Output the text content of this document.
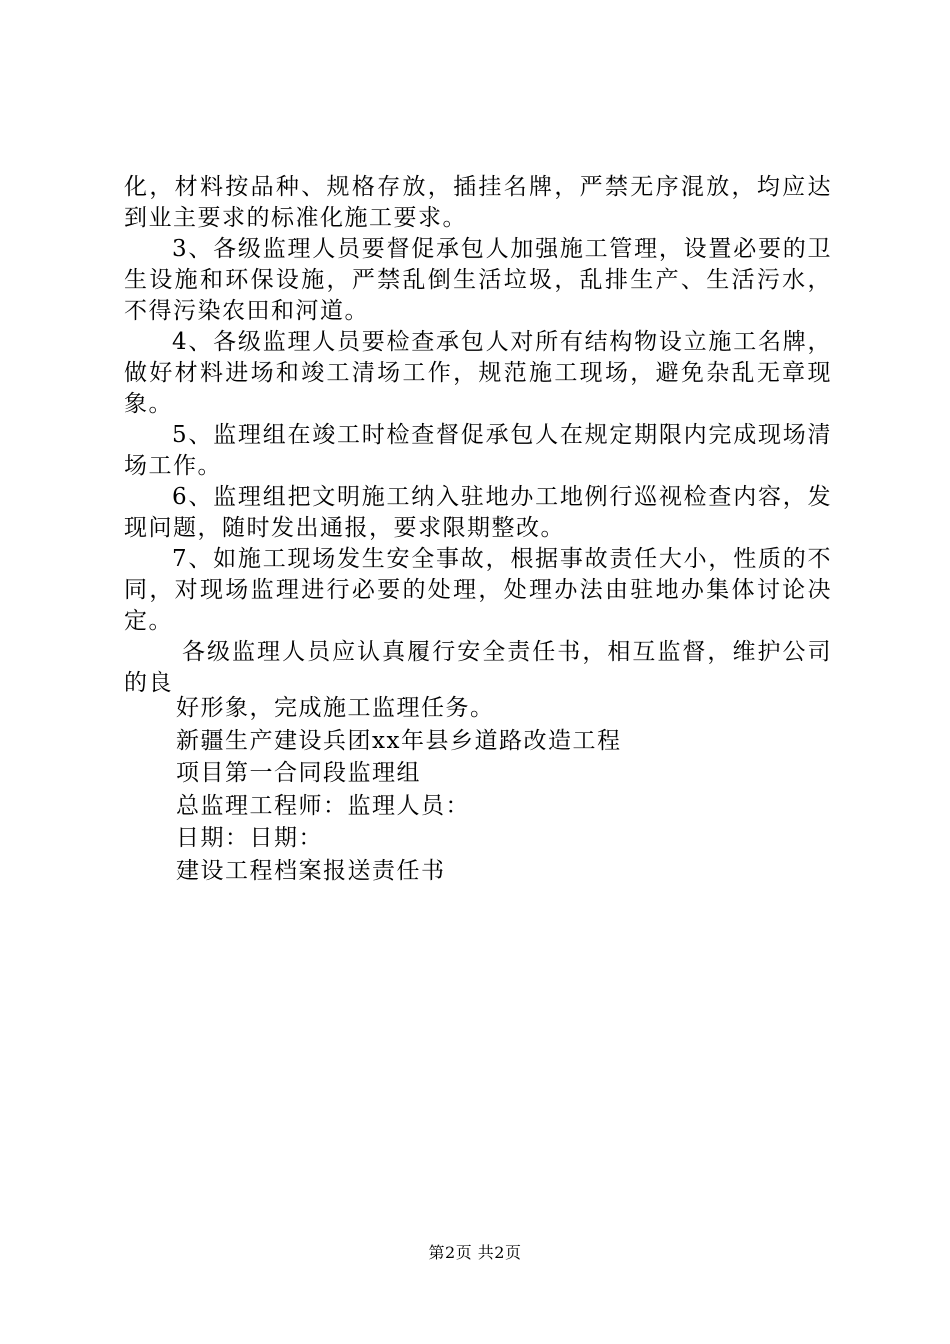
化，材料按品种、规格存放，插挂名牌，严禁无序混放，均应达到业主要求的标准化施工要求。

3、各级监理人员要督促承包人加强施工管理，设置必要的卫生设施和环保设施，严禁乱倒生活垃圾，乱排生产、生活污水，不得污染农田和河道。

4、各级监理人员要检查承包人对所有结构物设立施工名牌，做好材料进场和竣工清场工作，规范施工现场，避免杂乱无章现象。

5、监理组在竣工时检查督促承包人在规定期限内完成现场清场工作。

6、监理组把文明施工纳入驻地办工地例行巡视检查内容，发现问题，随时发出通报，要求限期整改。

7、如施工现场发生安全事故，根据事故责任大小，性质的不同，对现场监理进行必要的处理，处理办法由驻地办集体讨论决定。

各级监理人员应认真履行安全责任书，相互监督，维护公司的良

好形象，完成施工监理任务。
新疆生产建设兵团xx年县乡道路改造工程
项目第一合同段监理组
总监理工程师：监理人员：
日期：日期：
建设工程档案报送责任书
第2页 共2页
